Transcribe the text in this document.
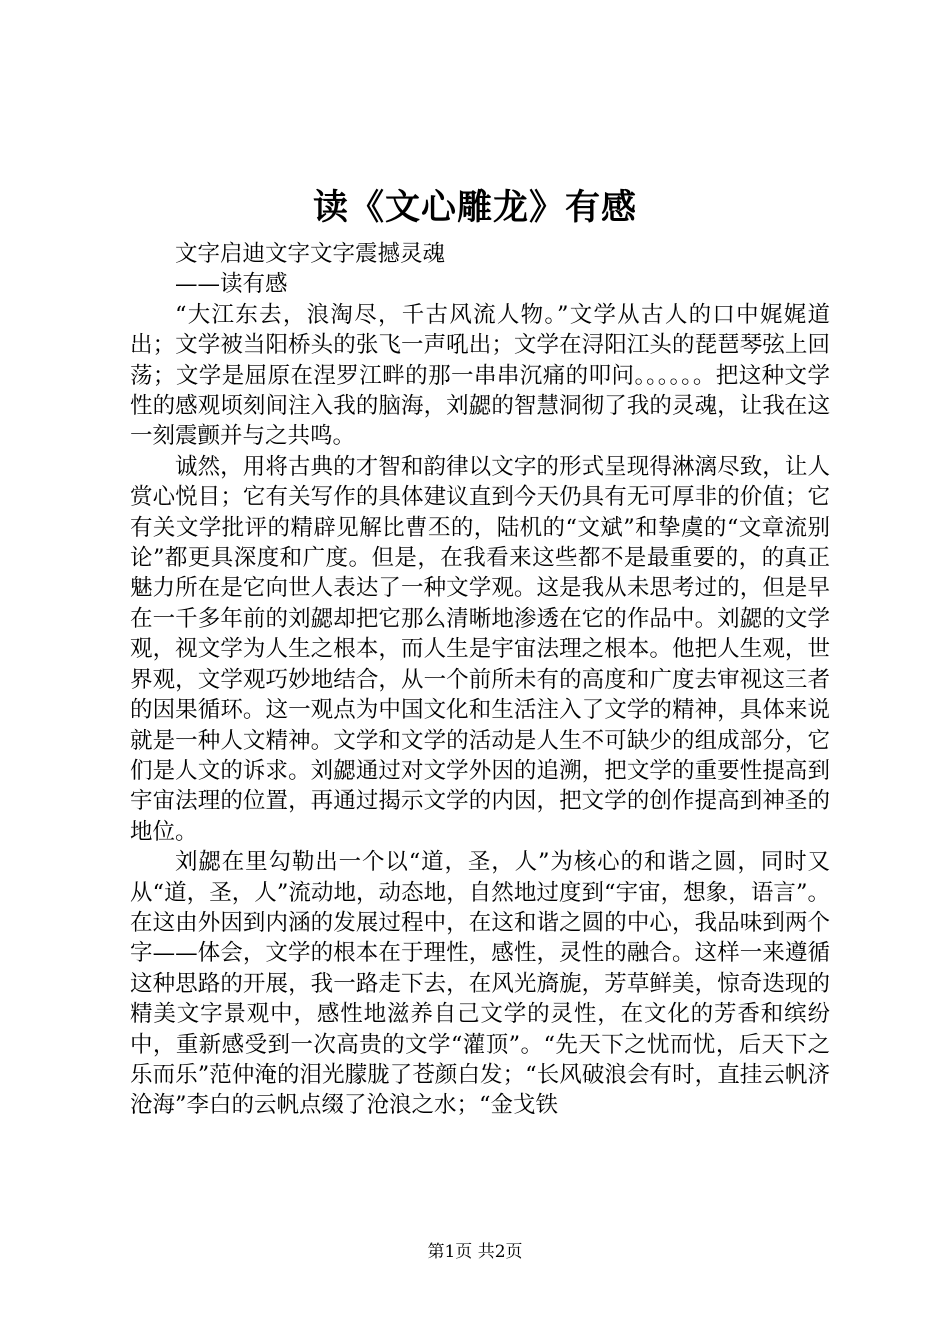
读《文心雕龙》有感

文字启迪文字文字震撼灵魂

——读有感

“大江东去，浪淘尽，千古风流人物。”文学从古人的口中娓娓道出；文学被当阳桥头的张飞一声吼出；文学在浔阳江头的琵琶琴弦上回荡；文学是屈原在涅罗江畔的那一串串沉痛的叩问。。。。。。把这种文学性的感观顷刻间注入我的脑海，刘勰的智慧洞彻了我的灵魂，让我在这一刻震颤并与之共鸣。

诚然，用将古典的才智和韵律以文字的形式呈现得淋漓尽致，让人赏心悦目；它有关写作的具体建议直到今天仍具有无可厚非的价值；它有关文学批评的精辟见解比曹丕的，陆机的“文斌”和挚虞的“文章流别论”都更具深度和广度。但是，在我看来这些都不是最重要的，的真正魅力所在是它向世人表达了一种文学观。这是我从未思考过的，但是早在一千多年前的刘勰却把它那么清晰地渗透在它的作品中。刘勰的文学观，视文学为人生之根本，而人生是宇宙法理之根本。他把人生观，世界观，文学观巧妙地结合，从一个前所未有的高度和广度去审视这三者的因果循环。这一观点为中国文化和生活注入了文学的精神，具体来说就是一种人文精神。文学和文学的活动是人生不可缺少的组成部分，它们是人文的诉求。刘勰通过对文学外因的追溯，把文学的重要性提高到宇宙法理的位置，再通过揭示文学的内因，把文学的创作提高到神圣的地位。

刘勰在里勾勒出一个以“道，圣，人”为核心的和谐之圆，同时又从“道，圣，人”流动地，动态地，自然地过度到“宇宙，想象，语言”。在这由外因到内涵的发展过程中，在这和谐之圆的中心，我品味到两个字——体会，文学的根本在于理性，感性，灵性的融合。这样一来遵循这种思路的开展，我一路走下去，在风光旖旎，芳草鲜美，惊奇迭现的精美文字景观中，感性地滋养自己文学的灵性，在文化的芳香和缤纷中，重新感受到一次高贵的文学“灌顶”。“先天下之忧而忧，后天下之乐而乐”范仲淹的泪光朦胧了苍颜白发；“长风破浪会有时，直挂云帆济沧海”李白的云帆点缀了沧浪之水；“金戈铁

第1页 共2页
